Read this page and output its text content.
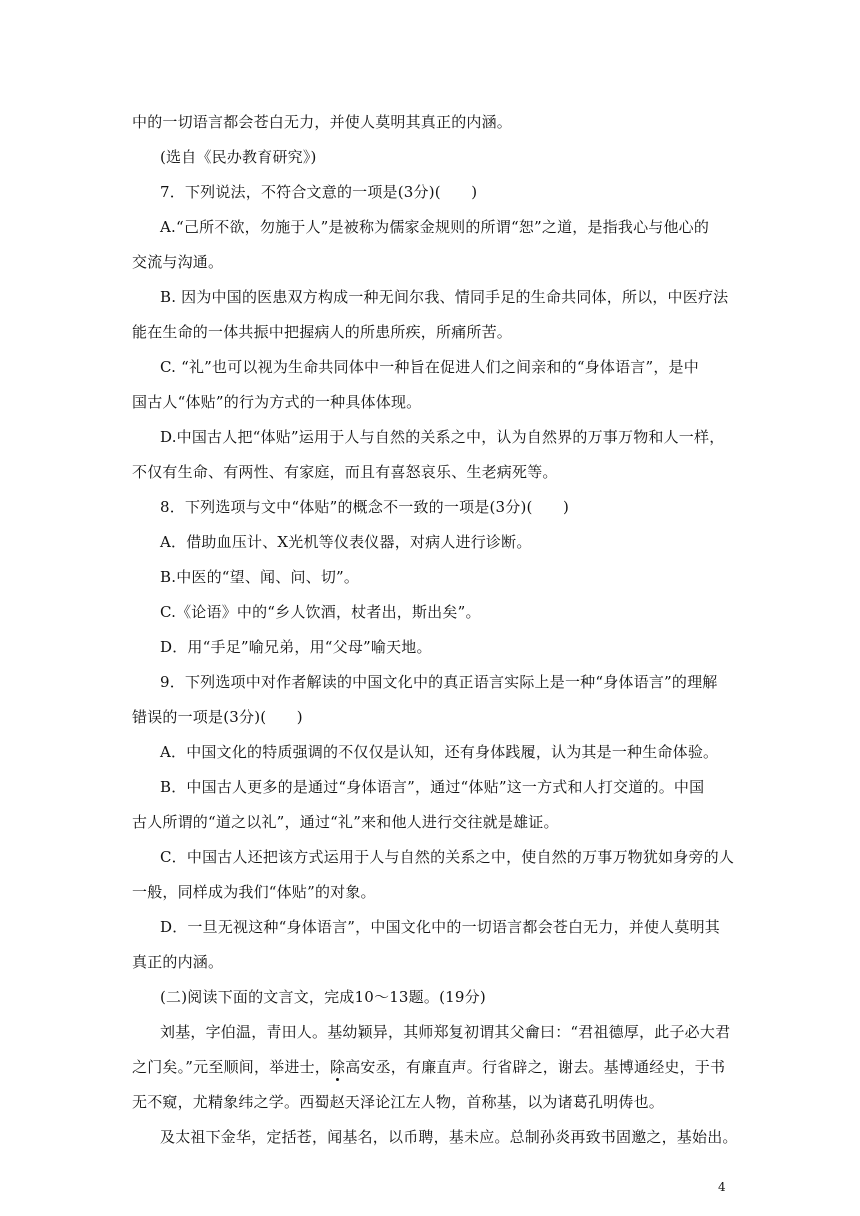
中的一切语言都会苍白无力，并使人莫明其真正的内涵。
(选自《民办教育研究》)
7．下列说法，不符合文意的一项是(3分)(　　)
A.“己所不欲，勿施于人”是被称为儒家金规则的所谓“恕”之道，是指我心与他心的
交流与沟通。
B. 因为中国的医患双方构成一种无间尔我、情同手足的生命共同体，所以，中医疗法
能在生命的一体共振中把握病人的所患所疾，所痛所苦。
C. “礼”也可以视为生命共同体中一种旨在促进人们之间亲和的“身体语言”，是中
国古人“体贴”的行为方式的一种具体体现。
D.中国古人把“体贴”运用于人与自然的关系之中，认为自然界的万事万物和人一样，
不仅有生命、有两性、有家庭，而且有喜怒哀乐、生老病死等。
8．下列选项与文中“体贴”的概念不一致的一项是(3分)(　　)
A．借助血压计、X光机等仪表仪器，对病人进行诊断。
B.中医的“望、闻、问、切”。
C.《论语》中的“乡人饮酒，杖者出，斯出矣”。
D．用“手足”喻兄弟，用“父母”喻天地。
9．下列选项中对作者解读的中国文化中的真正语言实际上是一种“身体语言”的理解
错误的一项是(3分)(　　)
A．中国文化的特质强调的不仅仅是认知，还有身体践履，认为其是一种生命体验。
B．中国古人更多的是通过“身体语言”，通过“体贴”这一方式和人打交道的。中国
古人所谓的“道之以礼”，通过“礼”来和他人进行交往就是雄证。
C．中国古人还把该方式运用于人与自然的关系之中，使自然的万事万物犹如身旁的人
一般，同样成为我们“体贴”的对象。
D．一旦无视这种“身体语言”，中国文化中的一切语言都会苍白无力，并使人莫明其
真正的内涵。
(二)阅读下面的文言文，完成10～13题。(19分)
刘基，字伯温，青田人。基幼颖异，其师郑复初谓其父龠曰：“君祖德厚，此子必大君
之门矣。”元至顺间，举进士，除高安丞，有廉直声。行省辟之，谢去。基博通经史，于书
无不窥，尤精象纬之学。西蜀赵天泽论江左人物，首称基，以为诸葛孔明俦也。
及太祖下金华，定括苍，闻基名，以币聘，基未应。总制孙炎再致书固邀之，基始出。
4
